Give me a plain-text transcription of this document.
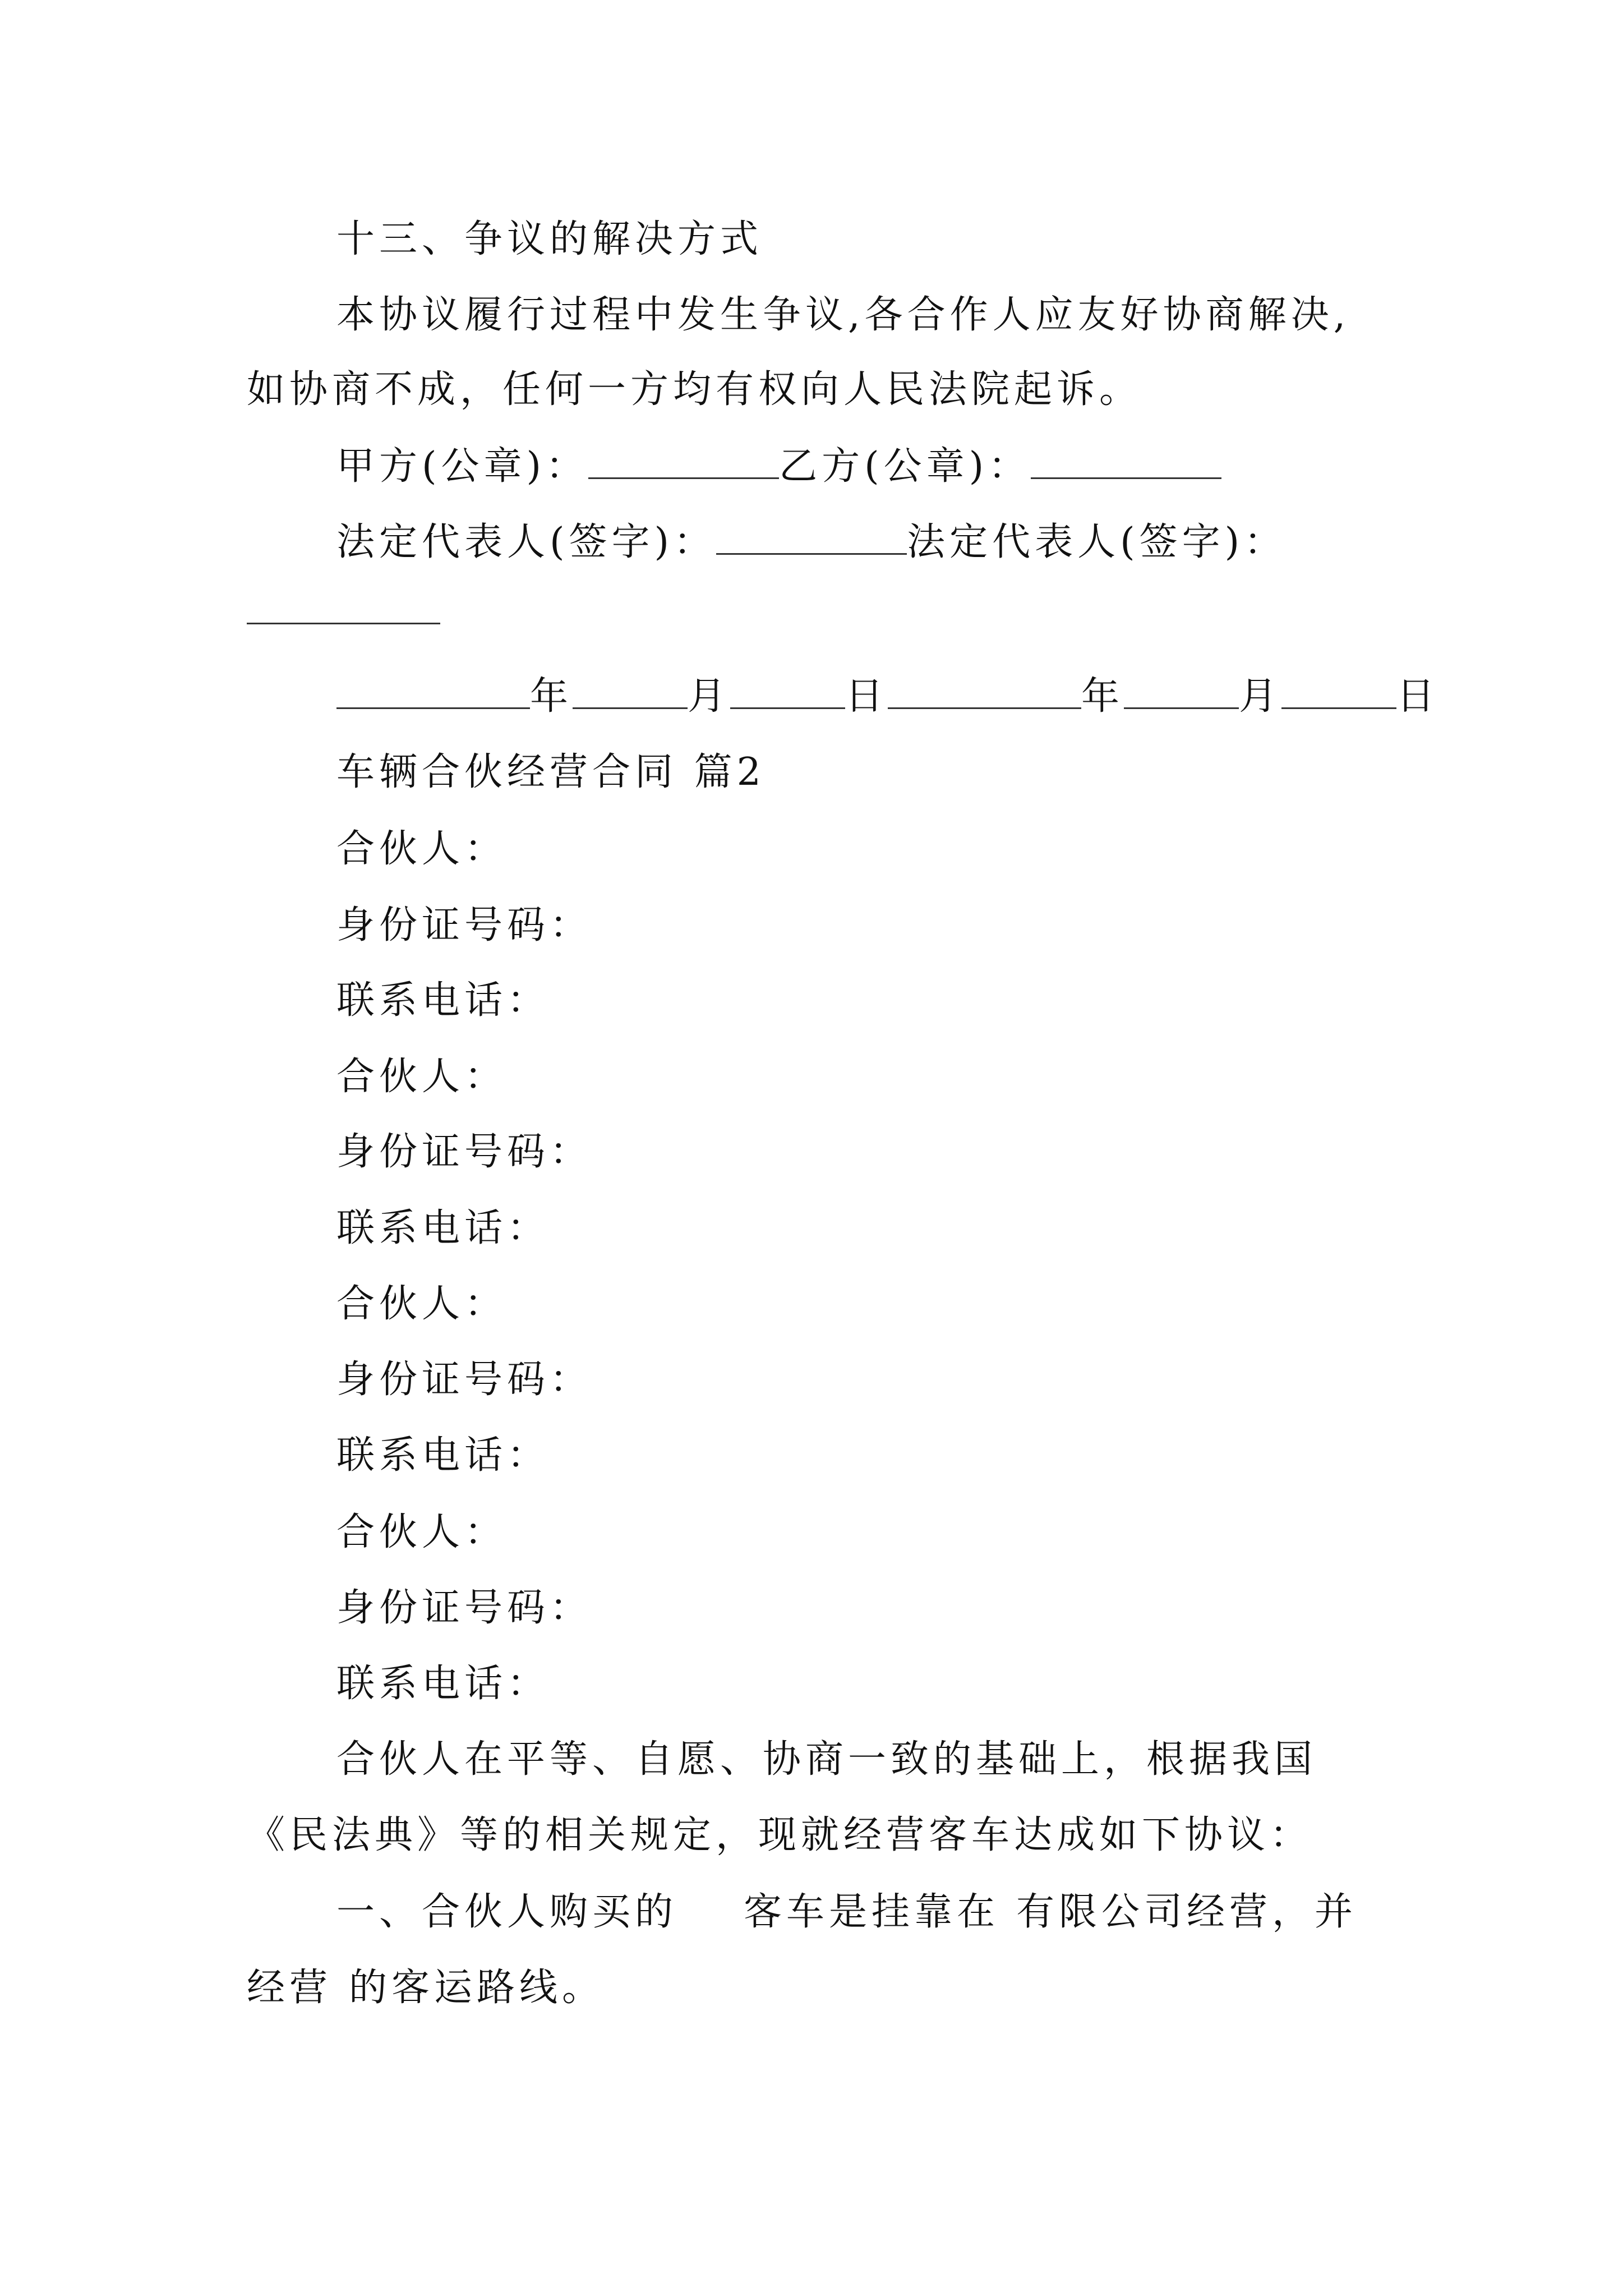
十三、争议的解决方式
本协议履行过程中发生争议,各合作人应友好协商解决,
如协商不成，任何一方均有权向人民法院起诉。
甲方(公章)：	乙方(公章)：
法定代表人(签字)：	法定代表人(签字)：
年	月	日	年	月	日
车辆合伙经营合同 篇2
合伙人：
身份证号码：
联系电话：
合伙人：
身份证号码：
联系电话：
合伙人：
身份证号码：
联系电话：
合伙人：
身份证号码：
联系电话：
合伙人在平等、自愿、协商一致的基础上，根据我国
《民法典》等的相关规定，现就经营客车达成如下协议：
一、合伙人购买的 客车是挂靠在 有限公司经营，并
经营 的客运路线。
